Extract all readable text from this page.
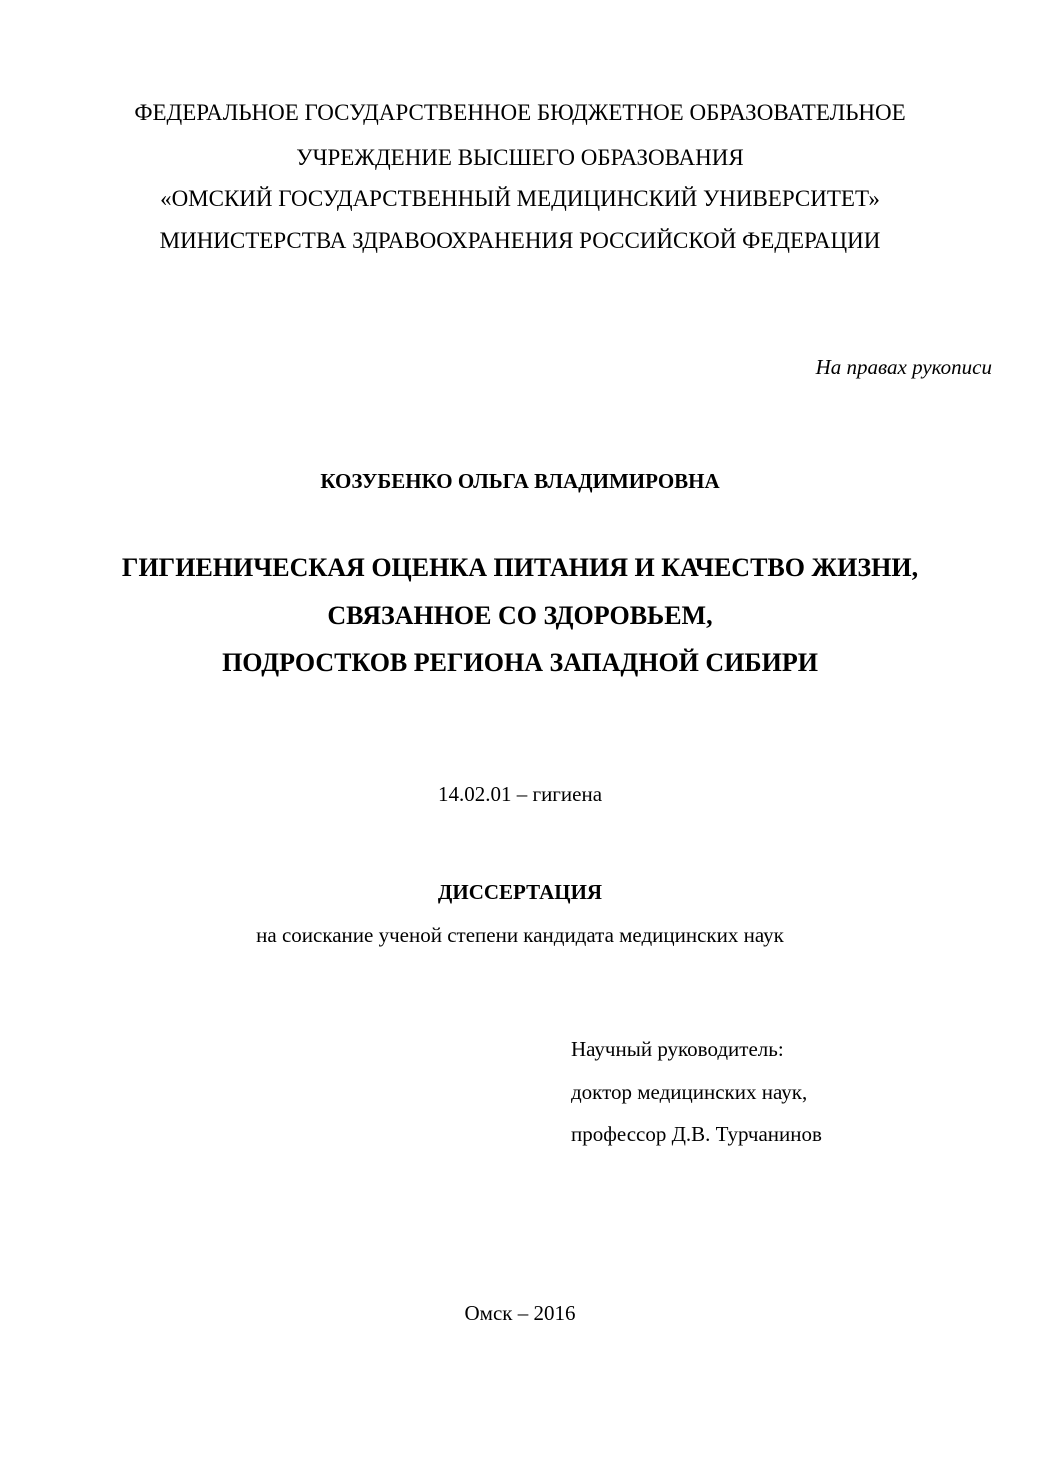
ФЕДЕРАЛЬНОЕ ГОСУДАРСТВЕННОЕ БЮДЖЕТНОЕ ОБРАЗОВАТЕЛЬНОЕ
УЧРЕЖДЕНИЕ ВЫСШЕГО ОБРАЗОВАНИЯ
«ОМСКИЙ ГОСУДАРСТВЕННЫЙ МЕДИЦИНСКИЙ УНИВЕРСИТЕТ»
МИНИСТЕРСТВА ЗДРАВООХРАНЕНИЯ РОССИЙСКОЙ ФЕДЕРАЦИИ
На правах рукописи
КОЗУБЕНКО ОЛЬГА ВЛАДИМИРОВНА
ГИГИЕНИЧЕСКАЯ ОЦЕНКА ПИТАНИЯ И КАЧЕСТВО ЖИЗНИ,
СВЯЗАННОЕ СО ЗДОРОВЬЕМ,
ПОДРОСТКОВ РЕГИОНА ЗАПАДНОЙ СИБИРИ
14.02.01 – гигиена
ДИССЕРТАЦИЯ
на соискание ученой степени кандидата медицинских наук
Научный руководитель:
доктор медицинских наук,
профессор Д.В. Турчанинов
Омск – 2016
